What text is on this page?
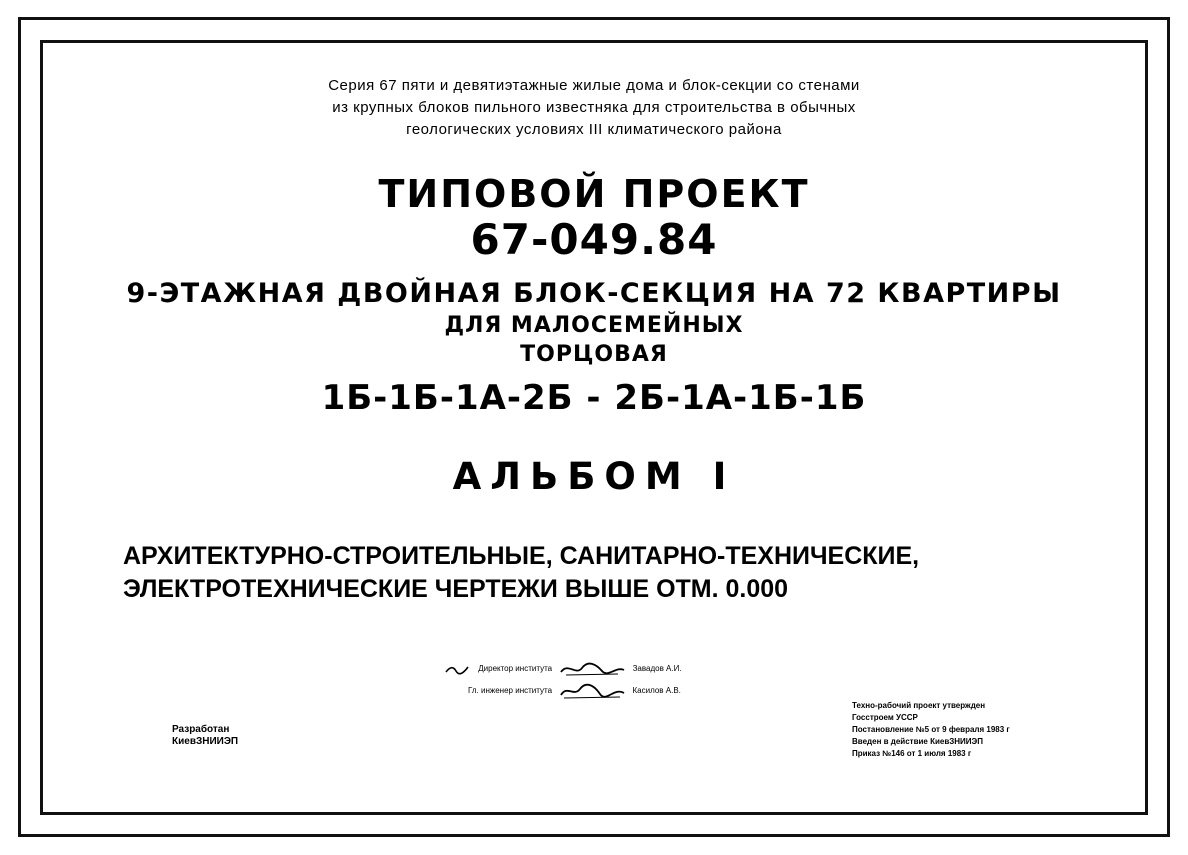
Серия 67 пяти и девятиэтажные жилые дома и блок-секции со стенами
из крупных блоков пильного известняка для строительства в обычных
геологических условиях III климатического района
ТИПОВОЙ ПРОЕКТ
67-049.84
9-ЭТАЖНАЯ ДВОЙНАЯ БЛОК-СЕКЦИЯ НА 72 КВАРТИРЫ
ДЛЯ МАЛОСЕМЕЙНЫХ
ТОРЦОВАЯ
1Б-1Б-1А-2Б - 2Б-1А-1Б-1Б
АЛЬБОМ I
АРХИТЕКТУРНО-СТРОИТЕЛЬНЫЕ, САНИТАРНО-ТЕХНИЧЕСКИЕ,
ЭЛЕКТРОТЕХНИЧЕСКИЕ ЧЕРТЕЖИ ВЫШЕ ОТМ. 0.000
Директор института	Завадов А.И.
Гл. инженер института	Касилов А.В.
Разработан
КиевЗНИИЭП
Техно-рабочий проект утвержден
Госстроем УССР
Постановление №5 от 9 февраля 1983 г
Введен в действие КиевЗНИИЭП
Приказ №146 от 1 июля 1983 г
